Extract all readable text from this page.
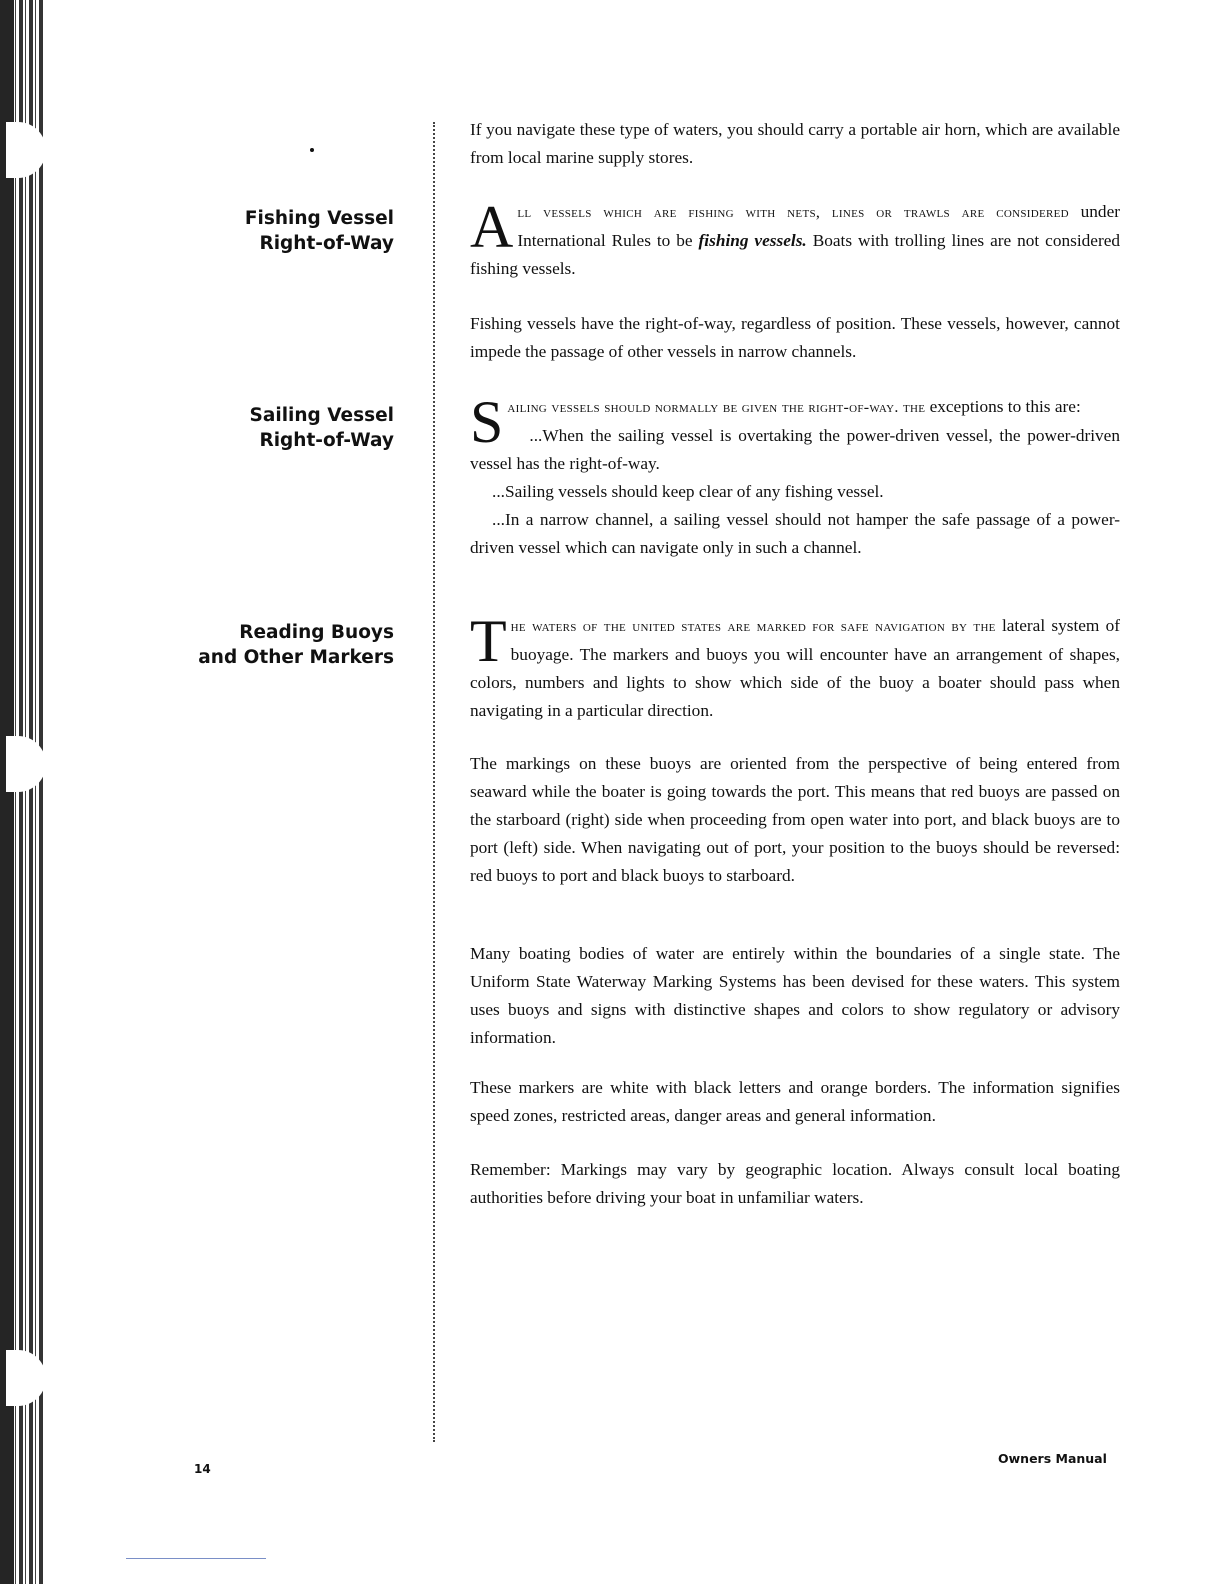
Fishing Vessel
Right-of-Way
Sailing Vessel
Right-of-Way
Reading Buoys
and Other Markers

If you navigate these type of waters, you should carry a portable air horn, which are available from local marine supply stores.

A ll vessels which are fishing with nets, lines or trawls are considered under International Rules to be fishing vessels. Boats with trolling lines are not considered fishing vessels.

Fishing vessels have the right-of-way, regardless of position. These vessels, however, cannot impede the passage of other vessels in narrow channels.

S ailing vessels should normally be given the right-of-way. the exceptions to this are:

...When the sailing vessel is overtaking the power-driven vessel, the power-driven vessel has the right-of-way.
...Sailing vessels should keep clear of any fishing vessel.
...In a narrow channel, a sailing vessel should not hamper the safe passage of a power-driven vessel which can navigate only in such a channel.

T he waters of the united states are marked for safe navigation by the lateral system of buoyage. The markers and buoys you will encounter have an arrangement of shapes, colors, numbers and lights to show which side of the buoy a boater should pass when navigating in a particular direction.

The markings on these buoys are oriented from the perspective of being entered from seaward while the boater is going towards the port. This means that red buoys are passed on the starboard (right) side when proceeding from open water into port, and black buoys are to port (left) side. When navigating out of port, your position to the buoys should be reversed: red buoys to port and black buoys to starboard.

Many boating bodies of water are entirely within the boundaries of a single state. The Uniform State Waterway Marking Systems has been devised for these waters. This system uses buoys and signs with distinctive shapes and colors to show regulatory or advisory information.

These markers are white with black letters and orange borders. The information signifies speed zones, restricted areas, danger areas and general information.

Remember: Markings may vary by geographic location. Always consult local boating authorities before driving your boat in unfamiliar waters.

14
Owners Manual
